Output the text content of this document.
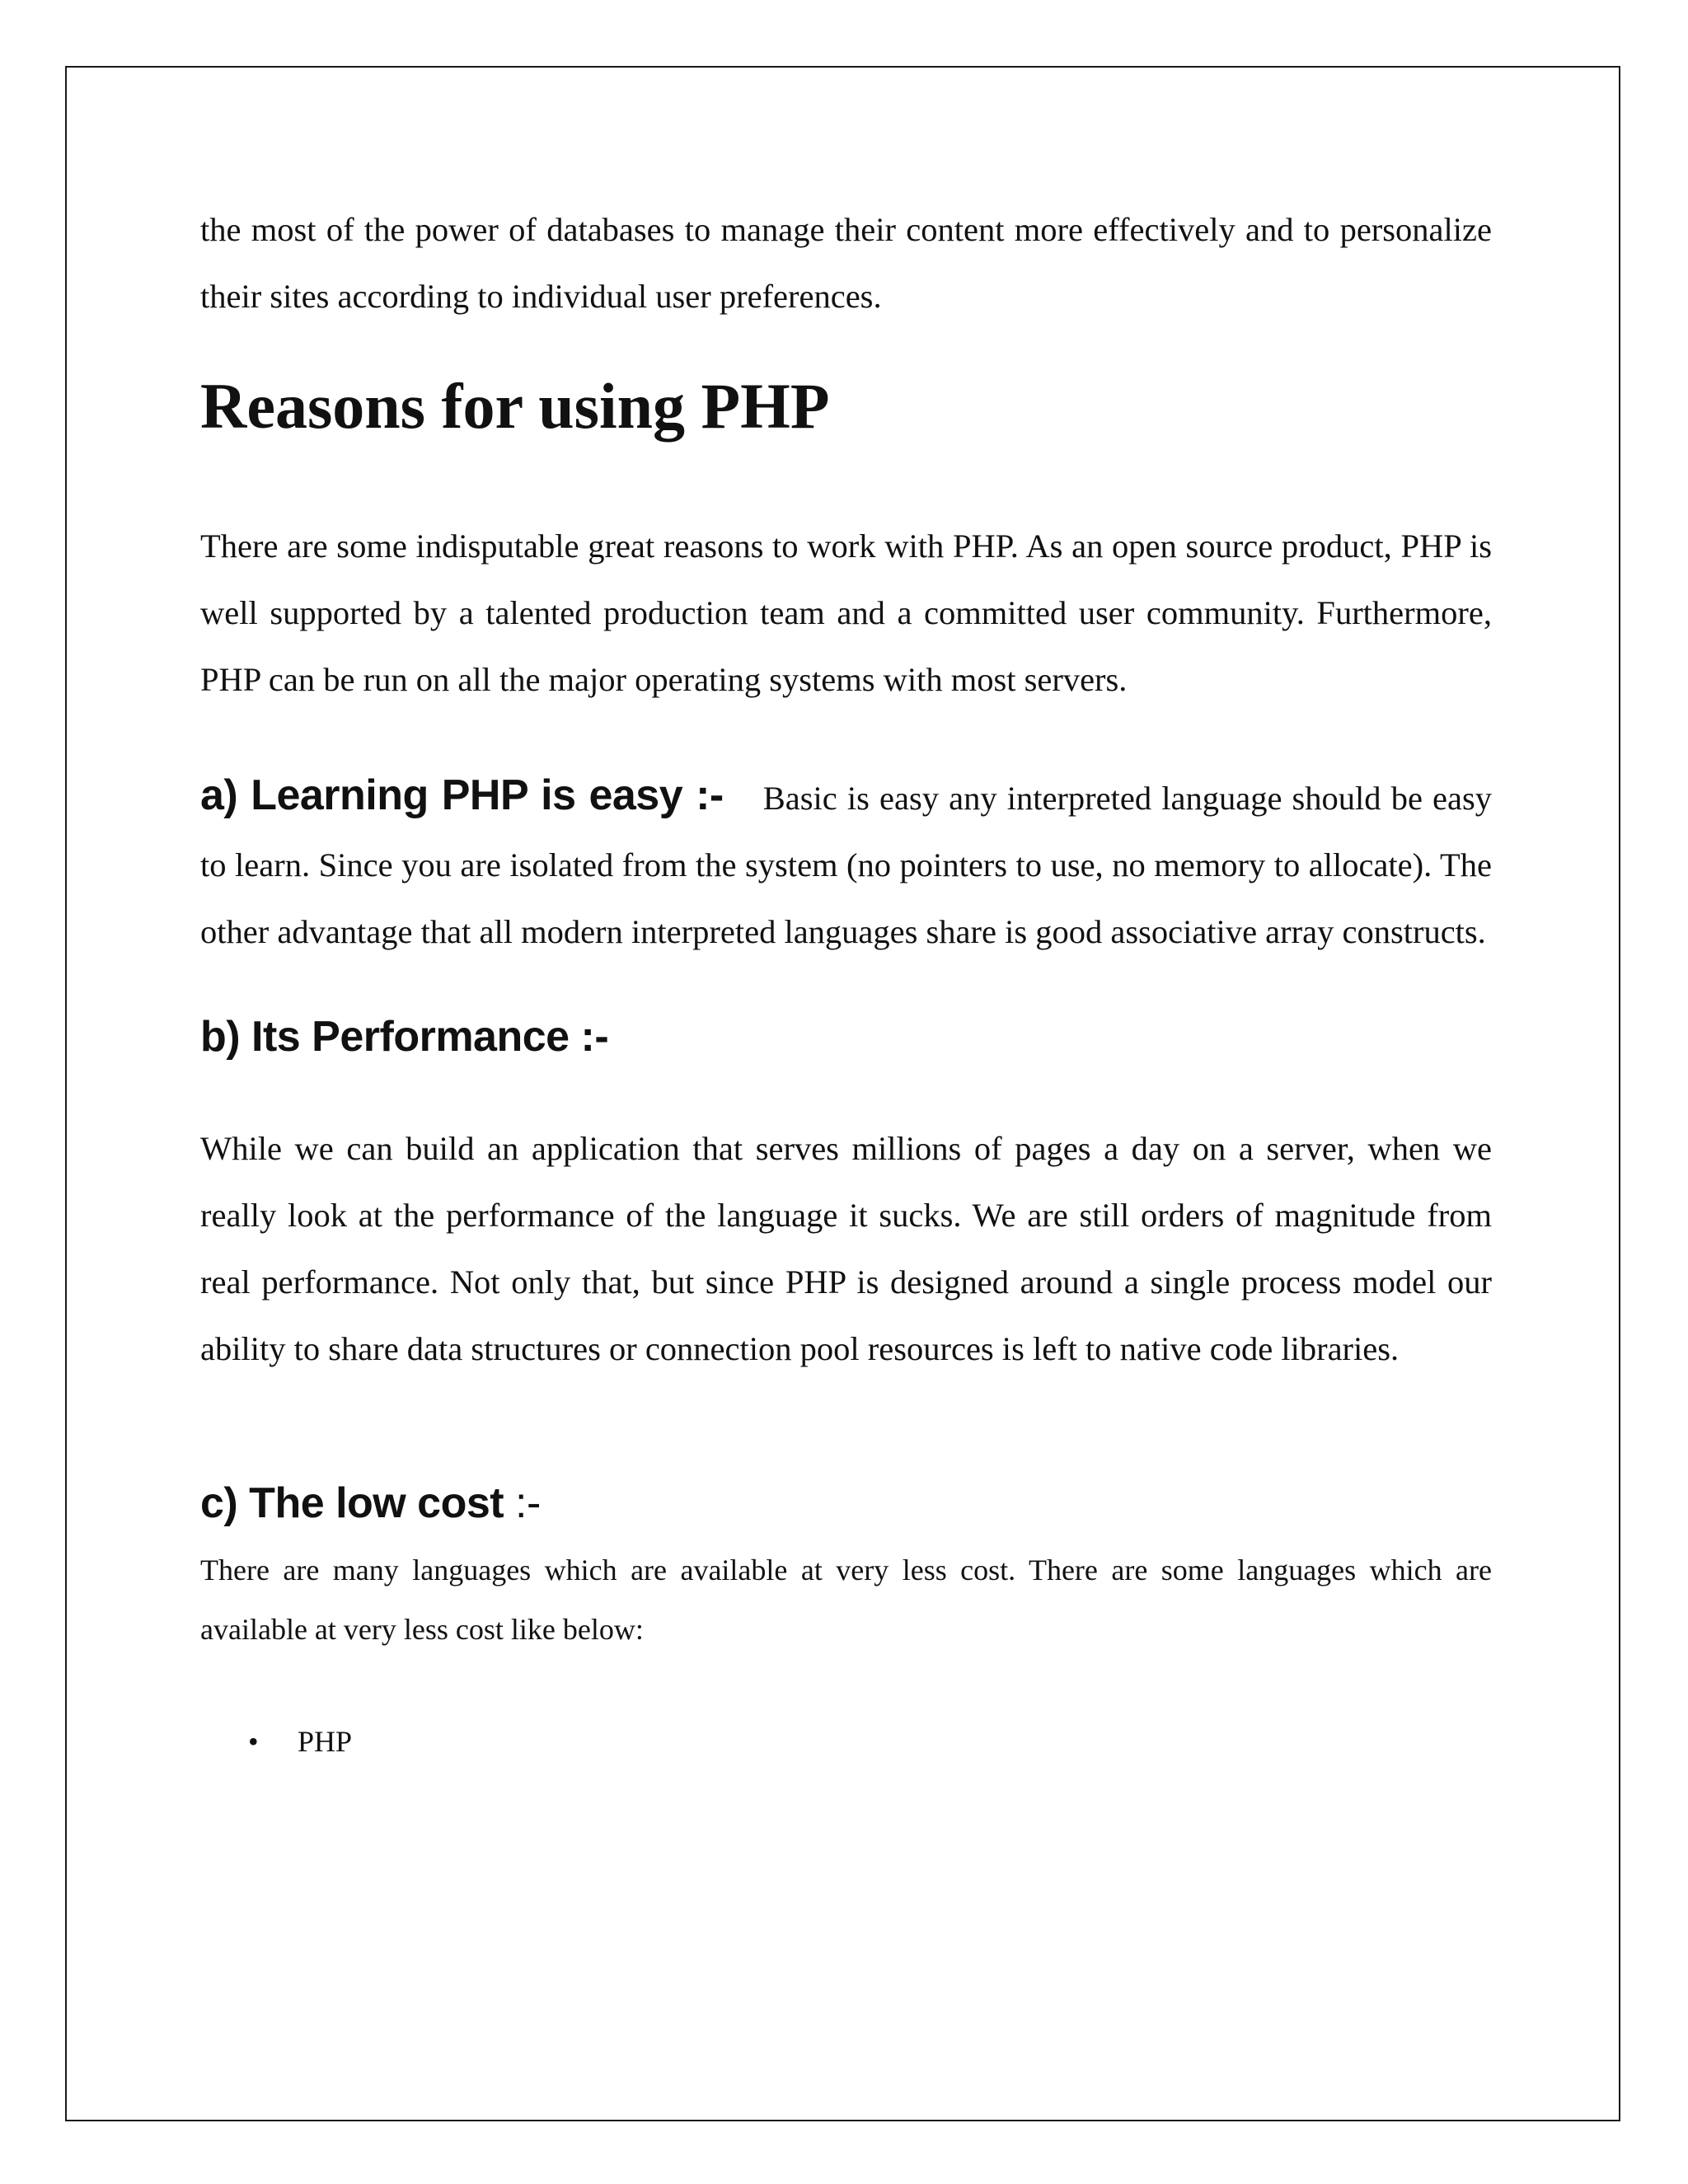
the most of the power of databases to manage their content more effectively and to personalize their sites according to individual user preferences.

Reasons for using PHP

There are some indisputable great reasons to work with PHP. As an open source product, PHP is well supported by a talented production team and a committed user community. Furthermore, PHP can be run on all the major operating systems with most servers.

a) Learning PHP is easy :- Basic is easy any interpreted language should be easy to learn. Since you are isolated from the system (no pointers to use, no memory to allocate). The other advantage that all modern interpreted languages share is good associative array constructs.

b) Its Performance :-

While we can build an application that serves millions of pages a day on a server, when we really look at the performance of the language it sucks. We are still orders of magnitude from real performance. Not only that, but since PHP is designed around a single process model our ability to share data structures or connection pool resources is left to native code libraries.

c) The low cost :-

There are many languages which are available at very less cost. There are some languages which are available at very less cost like below:

• PHP
